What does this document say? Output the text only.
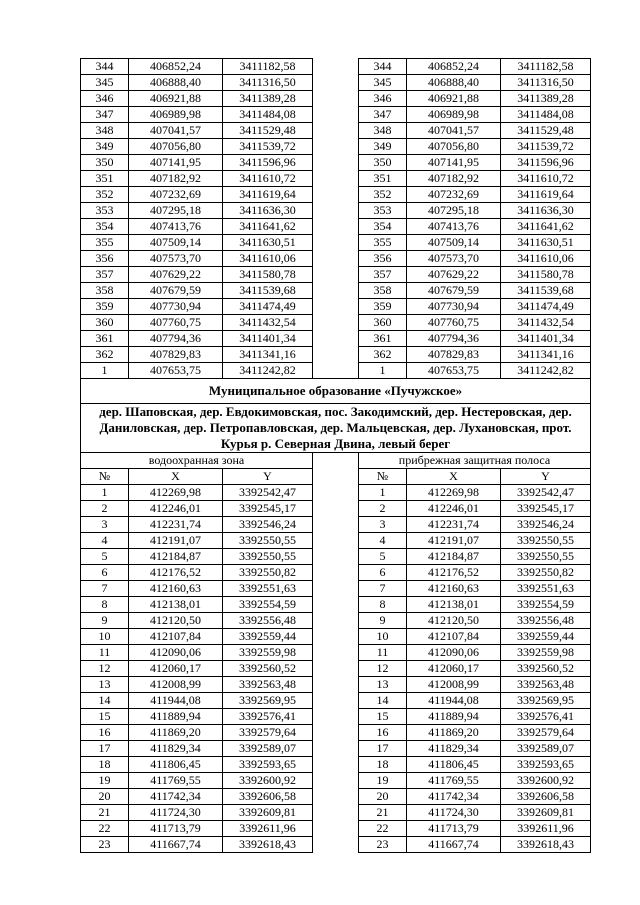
344	406852,24	3411182,58		344	406852,24	3411182,58
345	406888,40	3411316,50		345	406888,40	3411316,50
346	406921,88	3411389,28		346	406921,88	3411389,28
347	406989,98	3411484,08		347	406989,98	3411484,08
348	407041,57	3411529,48		348	407041,57	3411529,48
349	407056,80	3411539,72		349	407056,80	3411539,72
350	407141,95	3411596,96		350	407141,95	3411596,96
351	407182,92	3411610,72		351	407182,92	3411610,72
352	407232,69	3411619,64		352	407232,69	3411619,64
353	407295,18	3411636,30		353	407295,18	3411636,30
354	407413,76	3411641,62		354	407413,76	3411641,62
355	407509,14	3411630,51		355	407509,14	3411630,51
356	407573,70	3411610,06		356	407573,70	3411610,06
357	407629,22	3411580,78		357	407629,22	3411580,78
358	407679,59	3411539,68		358	407679,59	3411539,68
359	407730,94	3411474,49		359	407730,94	3411474,49
360	407760,75	3411432,54		360	407760,75	3411432,54
361	407794,36	3411401,34		361	407794,36	3411401,34
362	407829,83	3411341,16		362	407829,83	3411341,16
1	407653,75	3411242,82		1	407653,75	3411242,82
Муниципальное образование «Пучужское»						
дер. Шаповская, дер. Евдокимовская, пос. Закодимский, дер. Нестеровская, дер. Даниловская, дер. Петропавловская, дер. Мальцевская, дер. Лухановская, прот. Курья р. Северная Двина, левый берег						
водоохранная зона				прибрежная защитная полоса		
№	X	Y		№	X	Y
1	412269,98	3392542,47		1	412269,98	3392542,47
2	412246,01	3392545,17		2	412246,01	3392545,17
3	412231,74	3392546,24		3	412231,74	3392546,24
4	412191,07	3392550,55		4	412191,07	3392550,55
5	412184,87	3392550,55		5	412184,87	3392550,55
6	412176,52	3392550,82		6	412176,52	3392550,82
7	412160,63	3392551,63		7	412160,63	3392551,63
8	412138,01	3392554,59		8	412138,01	3392554,59
9	412120,50	3392556,48		9	412120,50	3392556,48
10	412107,84	3392559,44		10	412107,84	3392559,44
11	412090,06	3392559,98		11	412090,06	3392559,98
12	412060,17	3392560,52		12	412060,17	3392560,52
13	412008,99	3392563,48		13	412008,99	3392563,48
14	411944,08	3392569,95		14	411944,08	3392569,95
15	411889,94	3392576,41		15	411889,94	3392576,41
16	411869,20	3392579,64		16	411869,20	3392579,64
17	411829,34	3392589,07		17	411829,34	3392589,07
18	411806,45	3392593,65		18	411806,45	3392593,65
19	411769,55	3392600,92		19	411769,55	3392600,92
20	411742,34	3392606,58		20	411742,34	3392606,58
21	411724,30	3392609,81		21	411724,30	3392609,81
22	411713,79	3392611,96		22	411713,79	3392611,96
23	411667,74	3392618,43		23	411667,74	3392618,43
